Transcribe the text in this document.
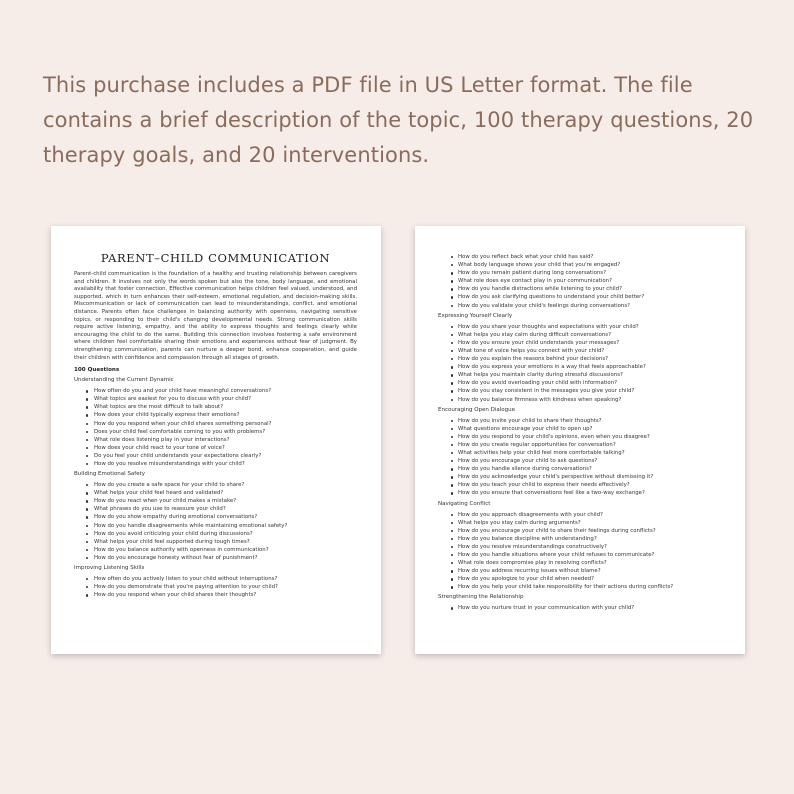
This purchase includes a PDF file in US Letter format. The file contains a brief description of the topic, 100 therapy questions, 20 therapy goals, and 20 interventions.
PARENT–CHILD COMMUNICATION

Parent-child communication is the foundation of a healthy and trusting relationship between caregivers and children. It involves not only the words spoken but also the tone, body language, and emotional availability that foster connection. Effective communication helps children feel valued, understood, and supported, which in turn enhances their self-esteem, emotional regulation, and decision-making skills. Miscommunication or lack of communication can lead to misunderstandings, conflict, and emotional distance. Parents often face challenges in balancing authority with openness, navigating sensitive topics, or responding to their child's changing developmental needs. Strong communication skills require active listening, empathy, and the ability to express thoughts and feelings clearly while encouraging the child to do the same. Building this connection involves fostering a safe environment where children feel comfortable sharing their emotions and experiences without fear of judgment. By strengthening communication, parents can nurture a deeper bond, enhance cooperation, and guide their children with confidence and compassion through all stages of growth.

100 Questions
Understanding the Current Dynamic
How often do you and your child have meaningful conversations?
What topics are easiest for you to discuss with your child?
What topics are the most difficult to talk about?
How does your child typically express their emotions?
How do you respond when your child shares something personal?
Does your child feel comfortable coming to you with problems?
What role does listening play in your interactions?
How does your child react to your tone of voice?
Do you feel your child understands your expectations clearly?
How do you resolve misunderstandings with your child?
Building Emotional Safety
How do you create a safe space for your child to share?
What helps your child feel heard and validated?
How do you react when your child makes a mistake?
What phrases do you use to reassure your child?
How do you show empathy during emotional conversations?
How do you handle disagreements while maintaining emotional safety?
How do you avoid criticizing your child during discussions?
What helps your child feel supported during tough times?
How do you balance authority with openness in communication?
How do you encourage honesty without fear of punishment?
Improving Listening Skills
How often do you actively listen to your child without interruptions?
How do you demonstrate that you're paying attention to your child?
How do you respond when your child shares their thoughts?
How do you reflect back what your child has said?
What body language shows your child that you're engaged?
How do you remain patient during long conversations?
What role does eye contact play in your communication?
How do you handle distractions while listening to your child?
How do you ask clarifying questions to understand your child better?
How do you validate your child's feelings during conversations?
Expressing Yourself Clearly
How do you share your thoughts and expectations with your child?
What helps you stay calm during difficult conversations?
How do you ensure your child understands your messages?
What tone of voice helps you connect with your child?
How do you explain the reasons behind your decisions?
How do you express your emotions in a way that feels approachable?
What helps you maintain clarity during stressful discussions?
How do you avoid overloading your child with information?
How do you stay consistent in the messages you give your child?
How do you balance firmness with kindness when speaking?
Encouraging Open Dialogue
How do you invite your child to share their thoughts?
What questions encourage your child to open up?
How do you respond to your child's opinions, even when you disagree?
How do you create regular opportunities for conversation?
What activities help your child feel more comfortable talking?
How do you encourage your child to ask questions?
How do you handle silence during conversations?
How do you acknowledge your child's perspective without dismissing it?
How do you teach your child to express their needs effectively?
How do you ensure that conversations feel like a two-way exchange?
Navigating Conflict
How do you approach disagreements with your child?
What helps you stay calm during arguments?
How do you encourage your child to share their feelings during conflicts?
How do you balance discipline with understanding?
How do you resolve misunderstandings constructively?
How do you handle situations where your child refuses to communicate?
What role does compromise play in resolving conflicts?
How do you address recurring issues without blame?
How do you apologize to your child when needed?
How do you help your child take responsibility for their actions during conflicts?
Strengthening the Relationship
How do you nurture trust in your communication with your child?
